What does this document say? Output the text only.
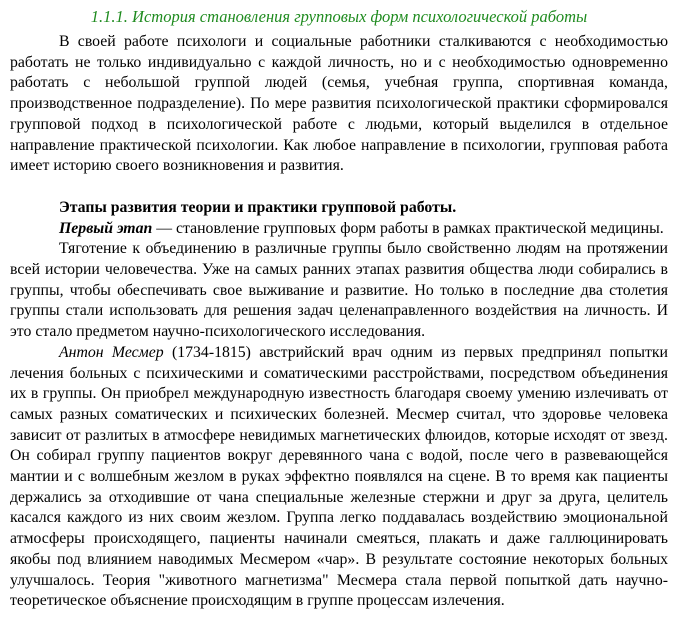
1.1.1. История становления групповых форм психологической работы

В своей работе психологи и социальные работники сталкиваются с необходимостью работать не только индивидуально с каждой личность, но и с необходимостью одновременно работать с небольшой группой людей (семья, учебная группа, спортивная команда, производственное подразделение). По мере развития психологической практики сформировался групповой подход в психологической работе с людьми, который выделился в отдельное направление практической психологии. Как любое направление в психологии, групповая работа имеет историю своего возникновения и развития.

Этапы развития теории и практики групповой работы.

Первый этап — становление групповых форм работы в рамках практической медицины.

Тяготение к объединению в различные группы было свойственно людям на протяжении всей истории человечества. Уже на самых ранних этапах развития общества люди собирались в группы, чтобы обеспечивать свое выживание и развитие. Но только в последние два столетия группы стали использовать для решения задач целенаправленного воздействия на личность. И это стало предметом научно-психологического исследования.

Антон Месмер (1734-1815) австрийский врач одним из первых предпринял попытки лечения больных с психическими и соматическими расстройствами, посредством объединения их в группы. Он приобрел международную известность благодаря своему умению излечивать от самых разных соматических и психических болезней. Месмер считал, что здоровье человека зависит от разлитых в атмосфере невидимых магнетических флюидов, которые исходят от звезд. Он собирал группу пациентов вокруг деревянного чана с водой, после чего в развевающейся мантии и с волшебным жезлом в руках эффектно появлялся на сцене. В то время как пациенты держались за отходившие от чана специальные железные стержни и друг за друга, целитель касался каждого из них своим жезлом. Группа легко поддавалась воздействию эмоциональной атмосферы происходящего, пациенты начинали смеяться, плакать и даже галлюцинировать якобы под влиянием наводимых Месмером «чар». В результате состояние некоторых больных улучшалось. Теория "животного магнетизма" Месмера стала первой попыткой дать научно-теоретическое объяснение происходящим в группе процессам излечения.
